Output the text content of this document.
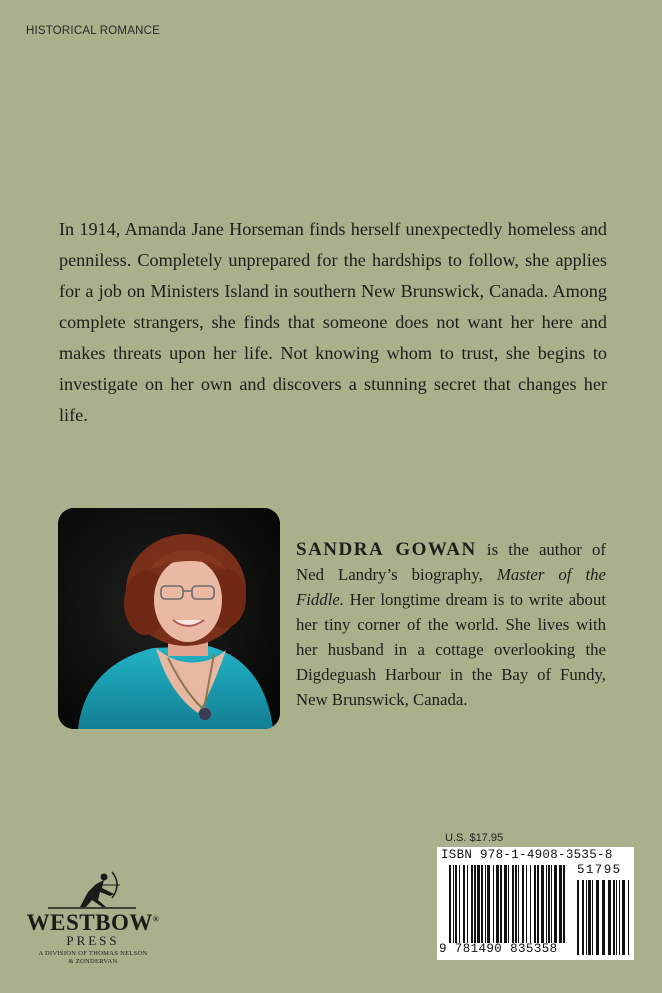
HISTORICAL ROMANCE

In 1914, Amanda Jane Horseman finds herself unexpectedly homeless and penniless. Completely unprepared for the hardships to follow, she applies for a job on Ministers Island in southern New Brunswick, Canada. Among complete strangers, she finds that someone does not want her here and makes threats upon her life. Not knowing whom to trust, she begins to investigate on her own and discovers a stunning secret that changes her life.

SANDRA GOWAN is the author of Ned Landry’s biography, Master of the Fiddle. Her longtime dream is to write about her tiny corner of the world. She lives with her husband in a cottage overlooking the Digdeguash Harbour in the Bay of Fundy, New Brunswick, Canada.

U.S. $17.95
ISBN 978-1-4908-3535-8
51795
9 781490 835358
WESTBOW®
PRESS
A DIVISION OF THOMAS NELSON
& ZONDERVAN
